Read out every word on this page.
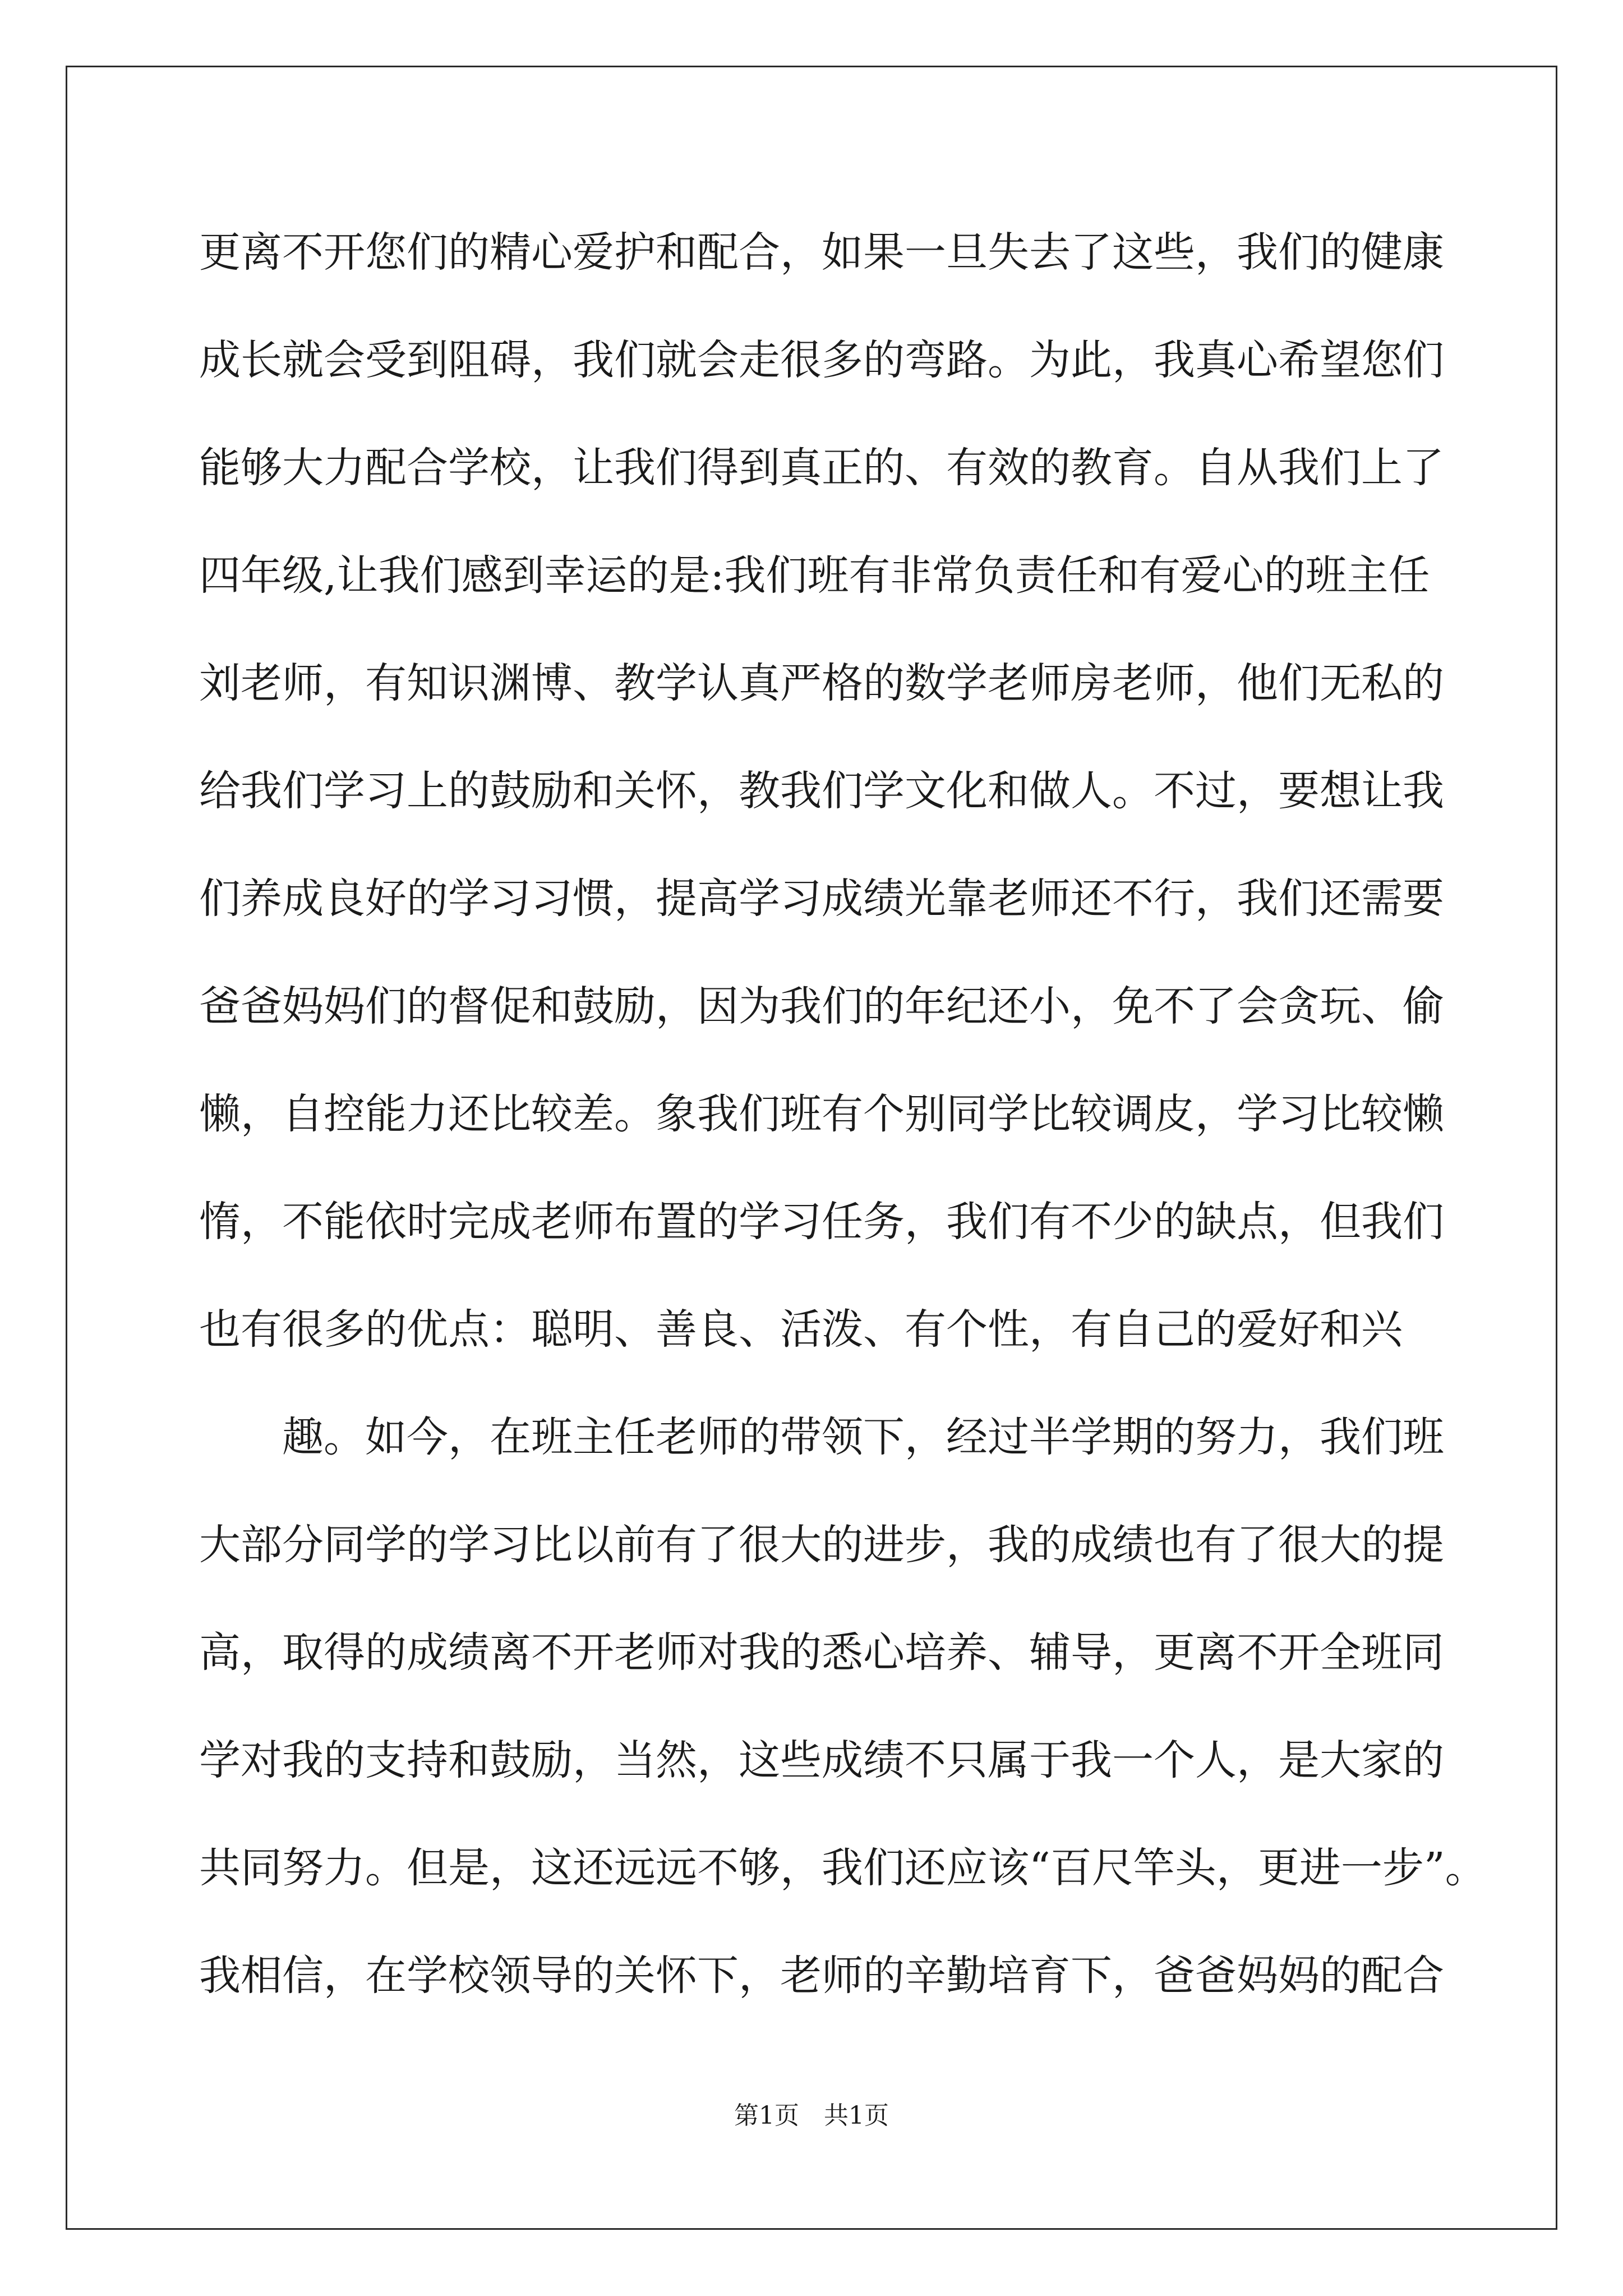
更离不开您们的精心爱护和配合，如果一旦失去了这些，我们的健康
成长就会受到阻碍，我们就会走很多的弯路。为此，我真心希望您们
能够大力配合学校，让我们得到真正的、有效的教育。自从我们上了
四年级,让我们感到幸运的是:我们班有非常负责任和有爱心的班主任
刘老师，有知识渊博、教学认真严格的数学老师房老师，他们无私的
给我们学习上的鼓励和关怀，教我们学文化和做人。不过，要想让我
们养成良好的学习习惯，提高学习成绩光靠老师还不行，我们还需要
爸爸妈妈们的督促和鼓励，因为我们的年纪还小，免不了会贪玩、偷
懒，自控能力还比较差。象我们班有个别同学比较调皮，学习比较懒
惰，不能依时完成老师布置的学习任务，我们有不少的缺点，但我们
也有很多的优点：聪明、善良、活泼、有个性，有自己的爱好和兴
趣。如今，在班主任老师的带领下，经过半学期的努力，我们班
大部分同学的学习比以前有了很大的进步，我的成绩也有了很大的提
高，取得的成绩离不开老师对我的悉心培养、辅导，更离不开全班同
学对我的支持和鼓励，当然，这些成绩不只属于我一个人，是大家的
共同努力。但是，这还远远不够，我们还应该“百尺竿头，更进一步”。
我相信，在学校领导的关怀下，老师的辛勤培育下，爸爸妈妈的配合
第1页　共1页
